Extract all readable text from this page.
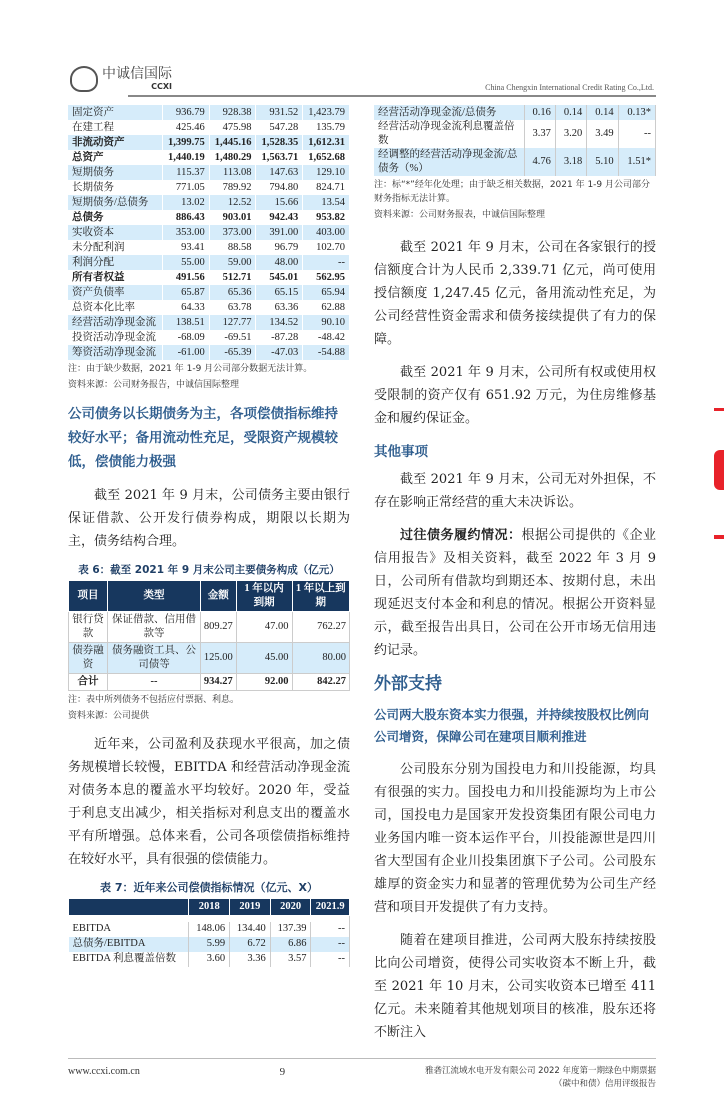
中诚信国际
CCXI	China Chengxin International Credit Rating Co.,Ltd.
固定资产	936.79	928.38	931.52	1,423.79
在建工程	425.46	475.98	547.28	135.79
非流动资产	1,399.75	1,445.16	1,528.35	1,612.31
总资产	1,440.19	1,480.29	1,563.71	1,652.68
短期债务	115.37	113.08	147.63	129.10
长期债务	771.05	789.92	794.80	824.71
短期债务/总债务	13.02	12.52	15.66	13.54
总债务	886.43	903.01	942.43	953.82
实收资本	353.00	373.00	391.00	403.00
未分配利润	93.41	88.58	96.79	102.70
利润分配	55.00	59.00	48.00	--
所有者权益	491.56	512.71	545.01	562.95
资产负债率	65.87	65.36	65.15	65.94
总资本化比率	64.33	63.78	63.36	62.88
经营活动净现金流	138.51	127.77	134.52	90.10
投资活动净现金流	-68.09	-69.51	-87.28	-48.42
筹资活动净现金流	-61.00	-65.39	-47.03	-54.88
注：由于缺少数据，2021 年 1-9 月公司部分数据无法计算。
资料来源：公司财务报告，中诚信国际整理
公司债务以长期债务为主，各项偿债指标维持较好水平；备用流动性充足，受限资产规模较低，偿债能力极强
截至 2021 年 9 月末，公司债务主要由银行保证借款、公开发行债券构成，期限以长期为主，债务结构合理。
表 6：截至 2021 年 9 月末公司主要债务构成（亿元）
项目	类型	金额	1 年以内到期	1 年以上到期
银行贷款	保证借款、信用借款等	809.27	47.00	762.27
债券融资	债务融资工具、公司债等	125.00	45.00	80.00
合计	--	934.27	92.00	842.27
注：表中所列债务不包括应付票据、利息。
资料来源：公司提供
近年来，公司盈利及获现水平很高，加之债务规模增长较慢，EBITDA 和经营活动净现金流对债务本息的覆盖水平均较好。2020 年，受益于利息支出减少，相关指标对利息支出的覆盖水平有所增强。总体来看，公司各项偿债指标维持在较好水平，具有很强的偿债能力。
表 7：近年来公司偿债指标情况（亿元、X）
	2018	2019	2020	2021.9

EBITDA	148.06	134.40	137.39	--
总债务/EBITDA	5.99	6.72	6.86	--
EBITDA 利息覆盖倍数	3.60	3.36	3.57	--
经营活动净现金流/总债务	0.16	0.14	0.14	0.13*
经营活动净现金流利息覆盖倍数	3.37	3.20	3.49	--
经调整的经营活动净现金流/总债务（%）	4.76	3.18	5.10	1.51*
注：标“*”经年化处理；由于缺乏相关数据，2021 年 1-9 月公司部分财务指标无法计算。
资料来源：公司财务报表，中诚信国际整理
截至 2021 年 9 月末，公司在各家银行的授信额度合计为人民币 2,339.71 亿元，尚可使用授信额度 1,247.45 亿元，备用流动性充足，为公司经营性资金需求和债务接续提供了有力的保障。
截至 2021 年 9 月末，公司所有权或使用权受限制的资产仅有 651.92 万元，为住房维修基金和履约保证金。
其他事项
截至 2021 年 9 月末，公司无对外担保，不存在影响正常经营的重大未决诉讼。
过往债务履约情况：根据公司提供的《企业信用报告》及相关资料，截至 2022 年 3 月 9 日，公司所有借款均到期还本、按期付息，未出现延迟支付本金和利息的情况。根据公开资料显示，截至报告出具日，公司在公开市场无信用违约记录。
外部支持
公司两大股东资本实力很强，并持续按股权比例向公司增资，保障公司在建项目顺利推进
公司股东分别为国投电力和川投能源，均具有很强的实力。国投电力和川投能源均为上市公司，国投电力是国家开发投资集团有限公司电力业务国内唯一资本运作平台，川投能源世是四川省大型国有企业川投集团旗下子公司。公司股东雄厚的资金实力和显著的管理优势为公司生产经营和项目开发提供了有力支持。
随着在建项目推进，公司两大股东持续按股比向公司增资，使得公司实收资本不断上升，截至 2021 年 10 月末，公司实收资本已增至 411 亿元。未来随着其他规划项目的核准，股东还将不断注入
www.ccxi.com.cn	9	雅砻江流域水电开发有限公司 2022 年度第一期绿色中期票据
（碳中和债）信用评级报告
